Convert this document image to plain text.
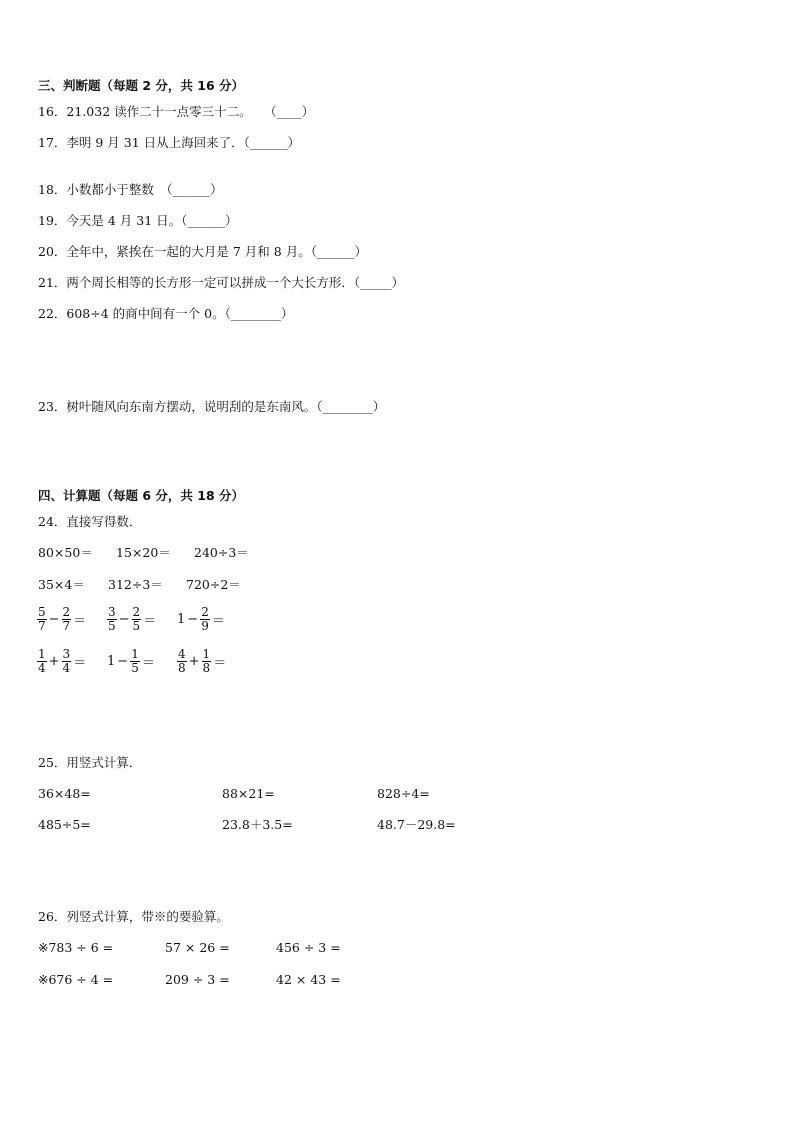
三、判断题（每题 2 分，共 16 分）
16．21.032 读作二十一点零三十二。　　（____）
17．李明 9 月 31 日从上海回来了．（______）
18．小数都小于整数　（______）
19．今天是 4 月 31 日。（______）
20．全年中，紧挨在一起的大月是 7 月和 8 月。（______）
21．两个周长相等的长方形一定可以拼成一个大长方形．（_____）
22．608÷4 的商中间有一个 0。（________）
23．树叶随风向东南方摆动，说明刮的是东南风。（________）
四、计算题（每题 6 分，共 18 分）
24．直接写得数．
80×50＝ 15×20＝ 240÷3＝
35×4＝ 312÷3＝ 720÷2＝
$\frac{5}{7} - \frac{2}{7} = \frac{3}{5} - \frac{2}{5} = 1 - \frac{2}{9}$ ＝
$\frac{1}{4} + \frac{3}{4} = 1 - \frac{1}{5} = \frac{4}{8} + \frac{1}{8}$ ＝
25．用竖式计算．
36×48=	88×21=	828÷4=
485÷5=	23.8＋3.5=	48.7－29.8=
26．列竖式计算，带※的要验算。
※783 ÷ 6 =	57 × 26 =	456 ÷ 3 =
※676 ÷ 4 =	209 ÷ 3 =	42 × 43 =
